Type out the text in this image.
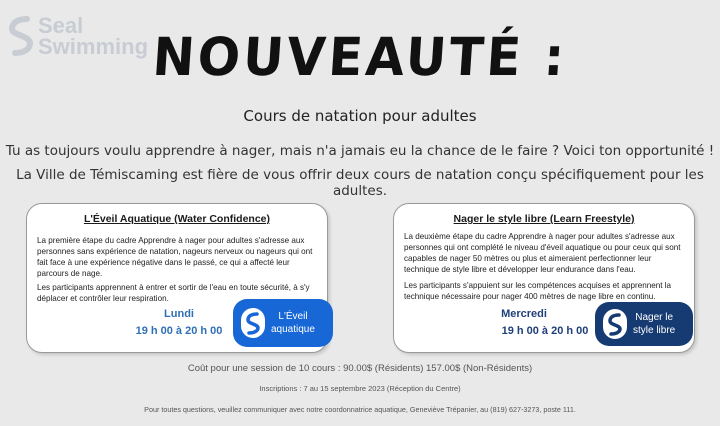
Seal
Swimming NOUVEAUTÉ :
Cours de natation pour adultes
Tu as toujours voulu apprendre à nager, mais n'a jamais eu la chance de le faire ? Voici ton opportunité !
La Ville de Témiscaming est fière de vous offrir deux cours de natation conçu spécifiquement pour les adultes.
L'Éveil Aquatique (Water Confidence)
La première étape du cadre Apprendre à nager pour adultes s'adresse aux personnes sans expérience de natation, nageurs nerveux ou nageurs qui ont fait face à une expérience négative dans le passé, ce qui a affecté leur parcours de nage.
Les participants apprennent à entrer et sortir de l'eau en toute sécurité, à s'y déplacer et contrôler leur respiration.
Lundi
19 h 00 à 20 h 00
L'Éveil
aquatique
Nager le style libre (Learn Freestyle)
La deuxième étape du cadre Apprendre à nager pour adultes s'adresse aux personnes qui ont complété le niveau d'éveil aquatique ou pour ceux qui sont capables de nager 50 mètres ou plus et aimeraient perfectionner leur technique de style libre et développer leur endurance dans l'eau.
Les participants s'appuient sur les compétences acquises et apprennent la technique nécessaire pour nager 400 mètres de nage libre en continu.
Mercredi
19 h 00 à 20 h 00
Nager le
style libre
Coût pour une session de 10 cours : 90.00$ (Résidents) 157.00$ (Non-Résidents)
Inscriptions : 7 au 15 septembre 2023 (Réception du Centre)
Pour toutes questions, veuillez communiquer avec notre coordonnatrice aquatique, Geneviève Trépanier, au (819) 627-3273, poste 111.
